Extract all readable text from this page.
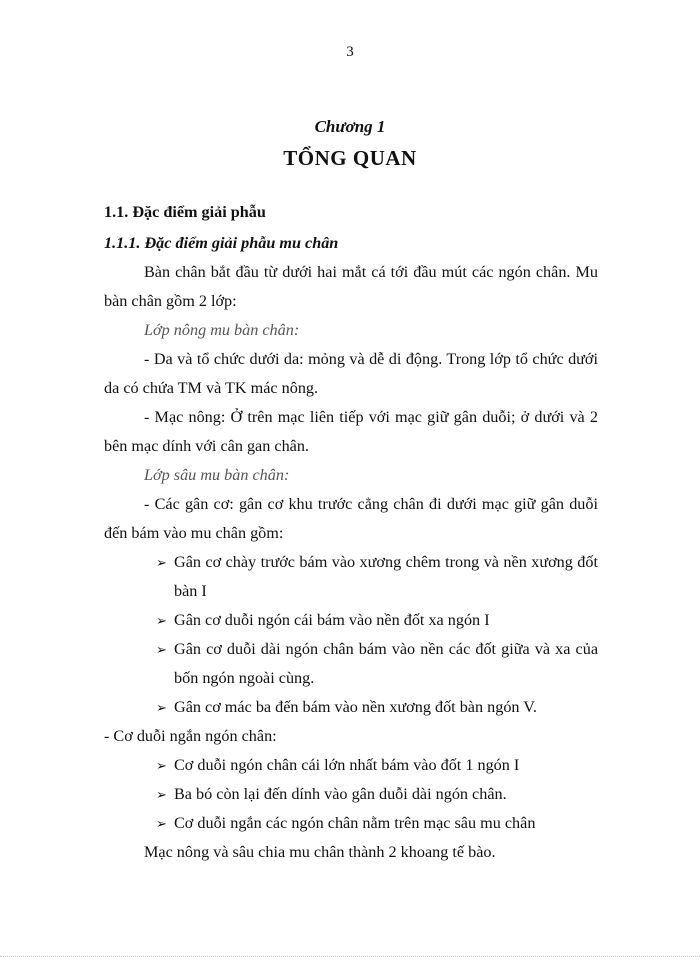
3
Chương 1
TỔNG QUAN

1.1. Đặc điểm giải phẫu

1.1.1. Đặc điểm giải phẫu mu chân

Bàn chân bắt đầu từ dưới hai mắt cá tới đầu mút các ngón chân. Mu bàn chân gồm 2 lớp:

Lớp nông mu bàn chân:

- Da và tổ chức dưới da: mỏng và dễ di động. Trong lớp tổ chức dưới da có chứa TM và TK mác nông.

- Mạc nông: Ở trên mạc liên tiếp với mạc giữ gân duỗi; ở dưới và 2 bên mạc dính với cân gan chân.

Lớp sâu mu bàn chân:

- Các gân cơ: gân cơ khu trước cẳng chân đi dưới mạc giữ gân duỗi đến bám vào mu chân gồm:

➢ Gân cơ chày trước bám vào xương chêm trong và nền xương đốt bàn I
➢ Gân cơ duỗi ngón cái bám vào nền đốt xa ngón I
➢ Gân cơ duỗi dài ngón chân bám vào nền các đốt giữa và xa của bốn ngón ngoài cùng.
➢ Gân cơ mác ba đến bám vào nền xương đốt bàn ngón V.

- Cơ duỗi ngắn ngón chân:

➢ Cơ duỗi ngón chân cái lớn nhất bám vào đốt 1 ngón I
➢ Ba bó còn lại đến dính vào gân duỗi dài ngón chân.
➢ Cơ duỗi ngắn các ngón chân nằm trên mạc sâu mu chân

Mạc nông và sâu chia mu chân thành 2 khoang tế bào.
